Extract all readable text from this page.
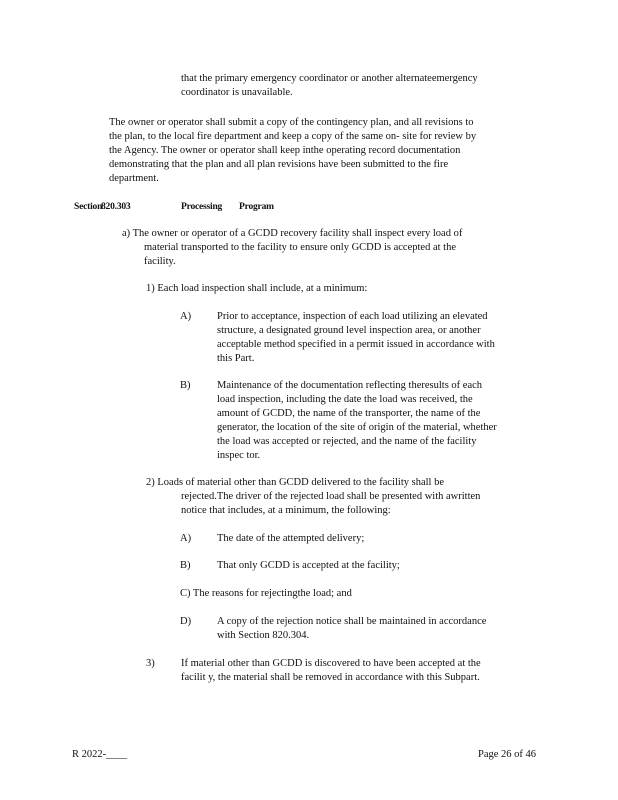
that the primary emergency coordinator or another alternateemergency

coordinator is unavailable.

The owner or operator shall submit a copy of the contingency plan, and all revisions to

the plan, to the local fire department and keep a copy of the same on- site for review by

the Agency. The owner or operator shall keep inthe operating record documentation

demonstrating that the plan and all plan revisions have been submitted to the fire

department.

Section
820.303	Processing Program

a) The owner or operator of a GCDD recovery facility shall inspect every load of

material transported to the facility to ensure only GCDD is accepted at the

facility.

1) Each load inspection shall include, at a minimum:

A) Prior to acceptance, inspection of each load utilizing an elevated

structure, a designated ground level inspection area, or another

acceptable method specified in a permit issued in accordance with

this Part.

B)	Maintenance of the documentation reflecting theresults of each

load inspection, including the date the load was received, the

amount of GCDD, the name of the transporter, the name of the

generator, the location of the site of origin of the material, whether

the load was accepted or rejected, and the name of the facility

inspec tor.

2) Loads of material other than GCDD delivered to the facility shall be

rejected.The driver of the rejected load shall be presented with awritten

notice that includes, at a minimum, the following:

A) The date of the attempted delivery;

B)	That only GCDD is accepted at the facility;

C) The reasons for rejectingthe load; and

D) A copy of the rejection notice shall be maintained in accordance

with Section 820.304.

3)	If material other than GCDD is discovered to have been accepted at the

facilit y, the material shall be removed in accordance with this Subpart.

R 2022-____	Page 26 of 46
